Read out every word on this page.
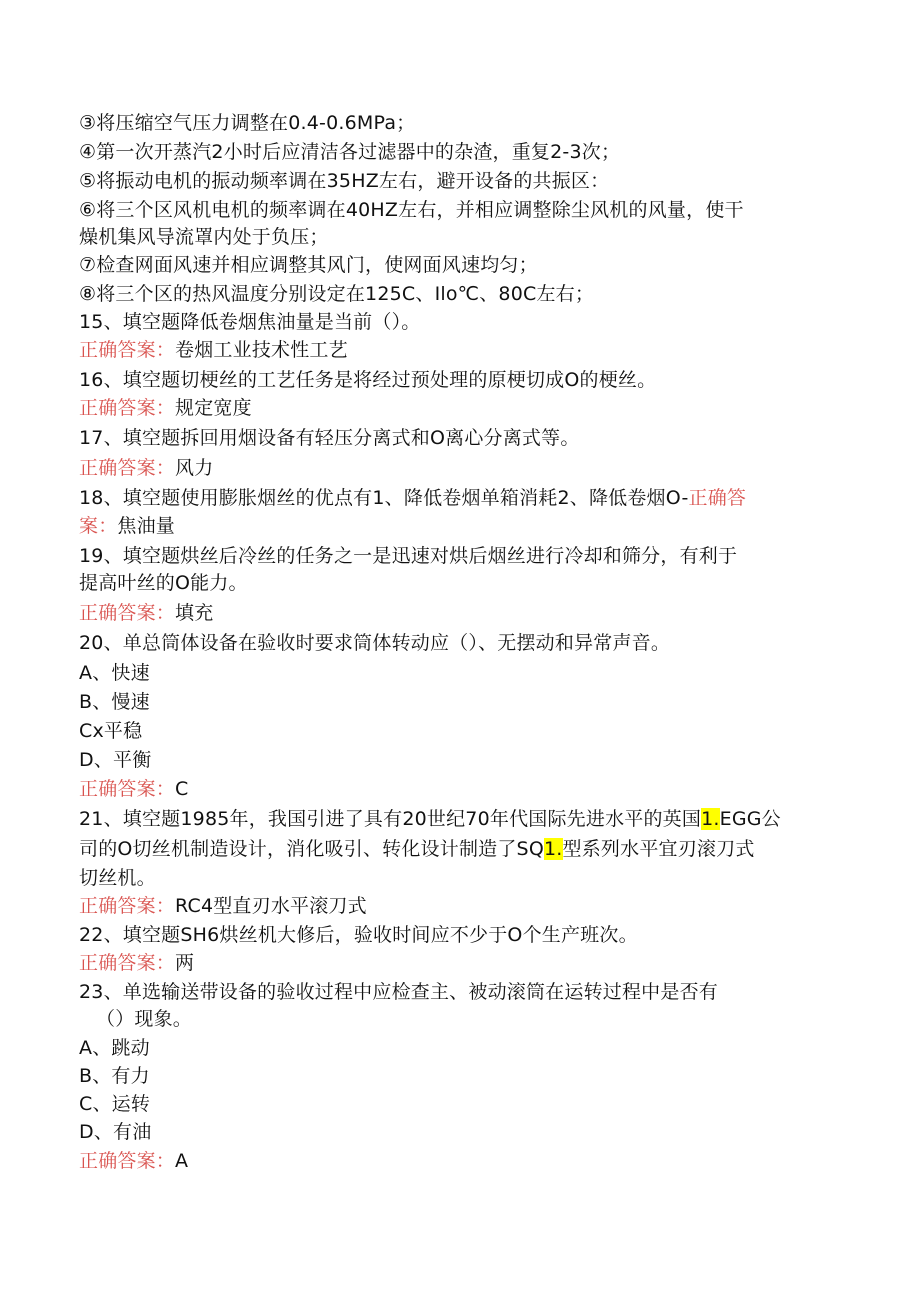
③将压缩空气压力调整在0.4-0.6MPa；
④第一次开蒸汽2小时后应清洁各过滤器中的杂渣，重复2-3次；
⑤将振动电机的振动频率调在35HZ左右，避开设备的共振区：
⑥将三个区风机电机的频率调在40HZ左右，并相应调整除尘风机的风量，使干
燥机集风导流罩内处于负压；
⑦检查网面风速并相应调整其风门，使网面风速均匀；
⑧将三个区的热风温度分别设定在125C、Ilo℃、80C左右；
15、填空题降低卷烟焦油量是当前（）。
正确答案：卷烟工业技术性工艺
16、填空题切梗丝的工艺任务是将经过预处理的原梗切成O的梗丝。
正确答案：规定宽度
17、填空题拆回用烟设备有轻压分离式和O离心分离式等。
正确答案：风力
18、填空题使用膨胀烟丝的优点有1、降低卷烟单箱消耗2、降低卷烟O-正确答
案：焦油量
19、填空题烘丝后冷丝的任务之一是迅速对烘后烟丝进行冷却和筛分，有利于
提高叶丝的O能力。
正确答案：填充
20、单总筒体设备在验收时要求筒体转动应（）、无摆动和异常声音。
A、快速
B、慢速
Cx平稳
D、平衡
正确答案：C
21、填空题1985年，我国引进了具有20世纪70年代国际先进水平的英国1.EGG公
司的O切丝机制造设计，消化吸引、转化设计制造了SQ1.型系列水平宜刃滚刀式
切丝机。
正确答案：RC4型直刃水平滚刀式
22、填空题SH6烘丝机大修后，验收时间应不少于O个生产班次。
正确答案：两
23、单选输送带设备的验收过程中应检查主、被动滚筒在运转过程中是否有
（）现象。
A、跳动
B、有力
C、运转
D、有油
正确答案：A
